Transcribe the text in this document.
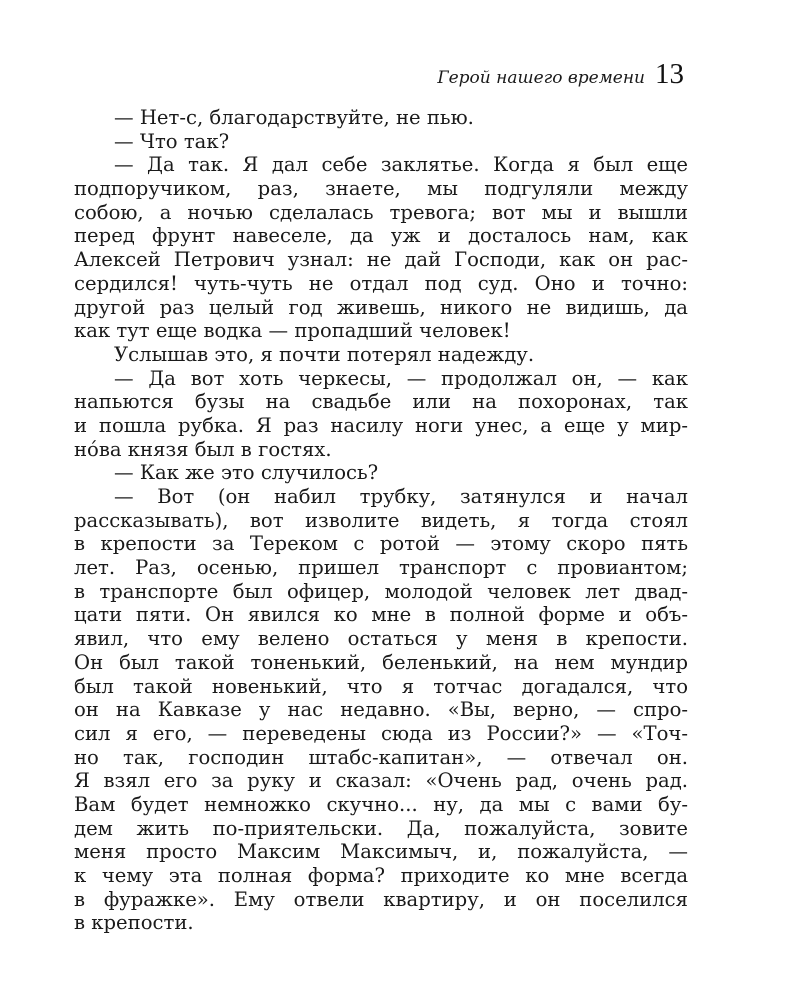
Герой нашего времени 13
— Нет-с, благодарствуйте, не пью.
— Что так?
— Да так. Я дал себе заклятье. Когда я был еще
подпоручиком, раз, знаете, мы подгуляли между
собою, а ночью сделалась тревога; вот мы и вышли
перед фрунт навеселе, да уж и досталось нам, как
Алексей Петрович узнал: не дай Господи, как он рас-
сердился! чуть-чуть не отдал под суд. Оно и точно:
другой раз целый год живешь, никого не видишь, да
как тут еще водка — пропадший человек!
Услышав это, я почти потерял надежду.
— Да вот хоть черкесы, — продолжал он, — как
напьются бузы на свадьбе или на похоронах, так
и пошла рубка. Я раз насилу ноги унес, а еще у мир-
нóва князя был в гостях.
— Как же это случилось?
— Вот (он набил трубку, затянулся и начал
рассказывать), вот изволите видеть, я тогда стоял
в крепости за Тереком с ротой — этому скоро пять
лет. Раз, осенью, пришел транспорт с провиантом;
в транспорте был офицер, молодой человек лет двад-
цати пяти. Он явился ко мне в полной форме и объ-
явил, что ему велено остаться у меня в крепости.
Он был такой тоненький, беленький, на нем мундир
был такой новенький, что я тотчас догадался, что
он на Кавказе у нас недавно. «Вы, верно, — спро-
сил я его, — переведены сюда из России?» — «Точ-
но так, господин штабс-капитан», — отвечал он.
Я взял его за руку и сказал: «Очень рад, очень рад.
Вам будет немножко скучно... ну, да мы с вами бу-
дем жить по-приятельски. Да, пожалуйста, зовите
меня просто Максим Максимыч, и, пожалуйста, —
к чему эта полная форма? приходите ко мне всегда
в фуражке». Ему отвели квартиру, и он поселился
в крепости.
